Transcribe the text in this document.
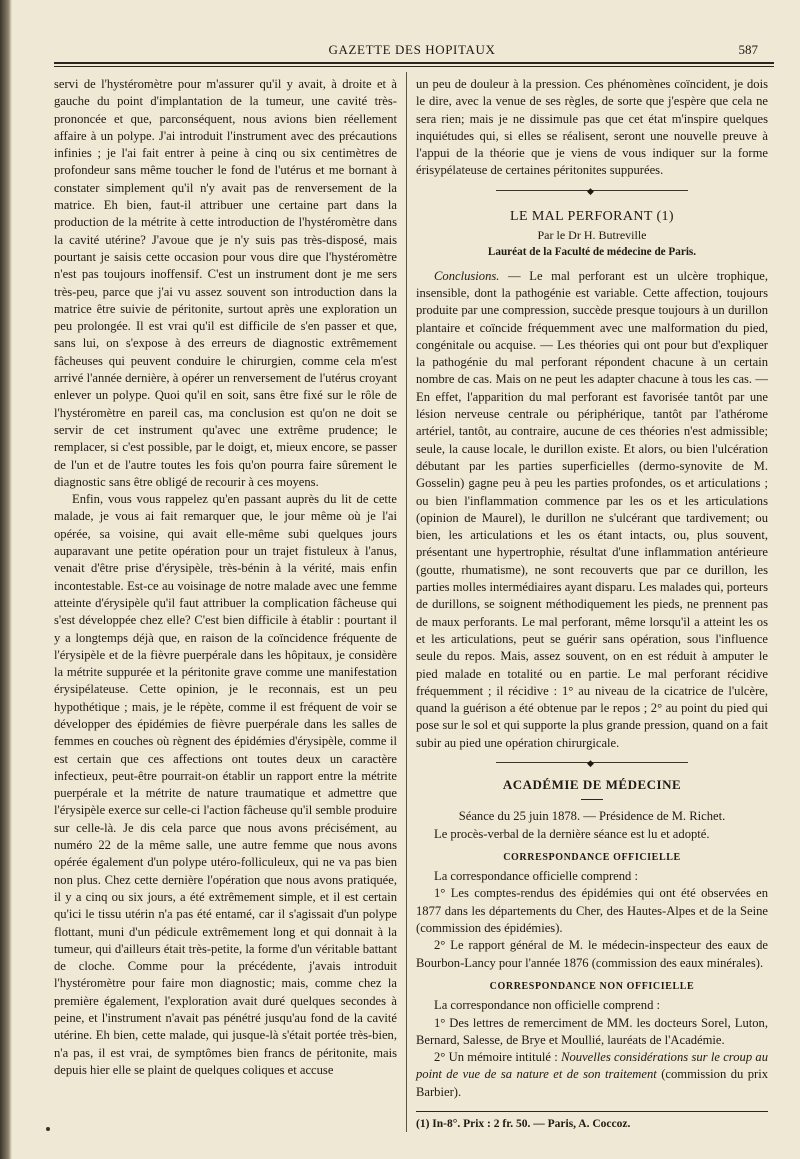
GAZETTE DES HOPITAUX	587

servi de l'hystéromètre pour m'assurer qu'il y avait, à droite et à gauche du point d'implantation de la tumeur, une cavité très-prononcée et que, parconséquent, nous avions bien réellement affaire à un polype. J'ai introduit l'instrument avec des précautions infinies ; je l'ai fait entrer à peine à cinq ou six centimètres de profondeur sans même toucher le fond de l'utérus et me bornant à constater simplement qu'il n'y avait pas de renversement de la matrice. Eh bien, faut-il attribuer une certaine part dans la production de la métrite à cette introduction de l'hystéromètre dans la cavité utérine? J'avoue que je n'y suis pas très-disposé, mais pourtant je saisis cette occasion pour vous dire que l'hystéromètre n'est pas toujours inoffensif. C'est un instrument dont je me sers très-peu, parce que j'ai vu assez souvent son introduction dans la matrice être suivie de péritonite, surtout après une exploration un peu prolongée. Il est vrai qu'il est difficile de s'en passer et que, sans lui, on s'expose à des erreurs de diagnostic extrêmement fâcheuses qui peuvent conduire le chirurgien, comme cela m'est arrivé l'année dernière, à opérer un renversement de l'utérus croyant enlever un polype. Quoi qu'il en soit, sans être fixé sur le rôle de l'hystéromètre en pareil cas, ma conclusion est qu'on ne doit se servir de cet instrument qu'avec une extrême prudence; le remplacer, si c'est possible, par le doigt, et, mieux encore, se passer de l'un et de l'autre toutes les fois qu'on pourra faire sûrement le diagnostic sans être obligé de recourir à ces moyens.

Enfin, vous vous rappelez qu'en passant auprès du lit de cette malade, je vous ai fait remarquer que, le jour même où je l'ai opérée, sa voisine, qui avait elle-même subi quelques jours auparavant une petite opération pour un trajet fistuleux à l'anus, venait d'être prise d'érysipèle, très-bénin à la vérité, mais enfin incontestable. Est-ce au voisinage de notre malade avec une femme atteinte d'érysipèle qu'il faut attribuer la complication fâcheuse qui s'est développée chez elle? C'est bien difficile à établir : pourtant il y a longtemps déjà que, en raison de la coïncidence fréquente de l'érysipèle et de la fièvre puerpérale dans les hôpitaux, je considère la métrite suppurée et la péritonite grave comme une manifestation érysipélateuse. Cette opinion, je le reconnais, est un peu hypothétique ; mais, je le répète, comme il est fréquent de voir se développer des épidémies de fièvre puerpérale dans les salles de femmes en couches où règnent des épidémies d'érysipèle, comme il est certain que ces affections ont toutes deux un caractère infectieux, peut-être pourrait-on établir un rapport entre la métrite puerpérale et la métrite de nature traumatique et admettre que l'érysipèle exerce sur celle-ci l'action fâcheuse qu'il semble produire sur celle-là. Je dis cela parce que nous avons précisément, au numéro 22 de la même salle, une autre femme que nous avons opérée également d'un polype utéro-folliculeux, qui ne va pas bien non plus. Chez cette dernière l'opération que nous avons pratiquée, il y a cinq ou six jours, a été extrêmement simple, et il est certain qu'ici le tissu utérin n'a pas été entamé, car il s'agissait d'un polype flottant, muni d'un pédicule extrêmement long et qui donnait à la tumeur, qui d'ailleurs était très-petite, la forme d'un véritable battant de cloche. Comme pour la précédente, j'avais introduit l'hystéromètre pour faire mon diagnostic; mais, comme chez la première également, l'exploration avait duré quelques secondes à peine, et l'instrument n'avait pas pénétré jusqu'au fond de la cavité utérine. Eh bien, cette malade, qui jusque-là s'était portée très-bien, n'a pas, il est vrai, de symptômes bien francs de péritonite, mais depuis hier elle se plaint de quelques coliques et accuse

un peu de douleur à la pression. Ces phénomènes coïncident, je dois le dire, avec la venue de ses règles, de sorte que j'espère que cela ne sera rien; mais je ne dissimule pas que cet état m'inspire quelques inquiétudes qui, si elles se réalisent, seront une nouvelle preuve à l'appui de la théorie que je viens de vous indiquer sur la forme érisypélateuse de certaines péritonites suppurées.

◆
LE MAL PERFORANT (1)
Par le Dr H. Butreville
Lauréat de la Faculté de médecine de Paris.

Conclusions. — Le mal perforant est un ulcère trophique, insensible, dont la pathogénie est variable. Cette affection, toujours produite par une compression, succède presque toujours à un durillon plantaire et coïncide fréquemment avec une malformation du pied, congénitale ou acquise. — Les théories qui ont pour but d'expliquer la pathogénie du mal perforant répondent chacune à un certain nombre de cas. Mais on ne peut les adapter chacune à tous les cas. — En effet, l'apparition du mal perforant est favorisée tantôt par une lésion nerveuse centrale ou périphérique, tantôt par l'athérome artériel, tantôt, au contraire, aucune de ces théories n'est admissible; seule, la cause locale, le durillon existe. Et alors, ou bien l'ulcération débutant par les parties superficielles (dermo-synovite de M. Gosselin) gagne peu à peu les parties profondes, os et articulations ; ou bien l'inflammation commence par les os et les articulations (opinion de Maurel), le durillon ne s'ulcérant que tardivement; ou bien, les articulations et les os étant intacts, ou, plus souvent, présentant une hypertrophie, résultat d'une inflammation antérieure (goutte, rhumatisme), ne sont recouverts que par ce durillon, les parties molles intermédiaires ayant disparu. Les malades qui, porteurs de durillons, se soignent méthodiquement les pieds, ne prennent pas de maux perforants. Le mal perforant, même lorsqu'il a atteint les os et les articulations, peut se guérir sans opération, sous l'influence seule du repos. Mais, assez souvent, on en est réduit à amputer le pied malade en totalité ou en partie. Le mal perforant récidive fréquemment ; il récidive : 1° au niveau de la cicatrice de l'ulcère, quand la guérison a été obtenue par le repos ; 2° au point du pied qui pose sur le sol et qui supporte la plus grande pression, quand on a fait subir au pied une opération chirurgicale.

◆
ACADÉMIE DE MÉDECINE

Séance du 25 juin 1878. — Présidence de M. Richet.

Le procès-verbal de la dernière séance est lu et adopté.

CORRESPONDANCE OFFICIELLE

La correspondance officielle comprend :

1° Les comptes-rendus des épidémies qui ont été observées en 1877 dans les départements du Cher, des Hautes-Alpes et de la Seine (commission des épidémies).

2° Le rapport général de M. le médecin-inspecteur des eaux de Bourbon-Lancy pour l'année 1876 (commission des eaux minérales).

CORRESPONDANCE NON OFFICIELLE

La correspondance non officielle comprend :

1° Des lettres de remerciment de MM. les docteurs Sorel, Luton, Bernard, Salesse, de Brye et Moullié, lauréats de l'Académie.

2° Un mémoire intitulé : Nouvelles considérations sur le croup au point de vue de sa nature et de son traitement (commission du prix Barbier).

(1) In-8°. Prix : 2 fr. 50. — Paris, A. Coccoz.
